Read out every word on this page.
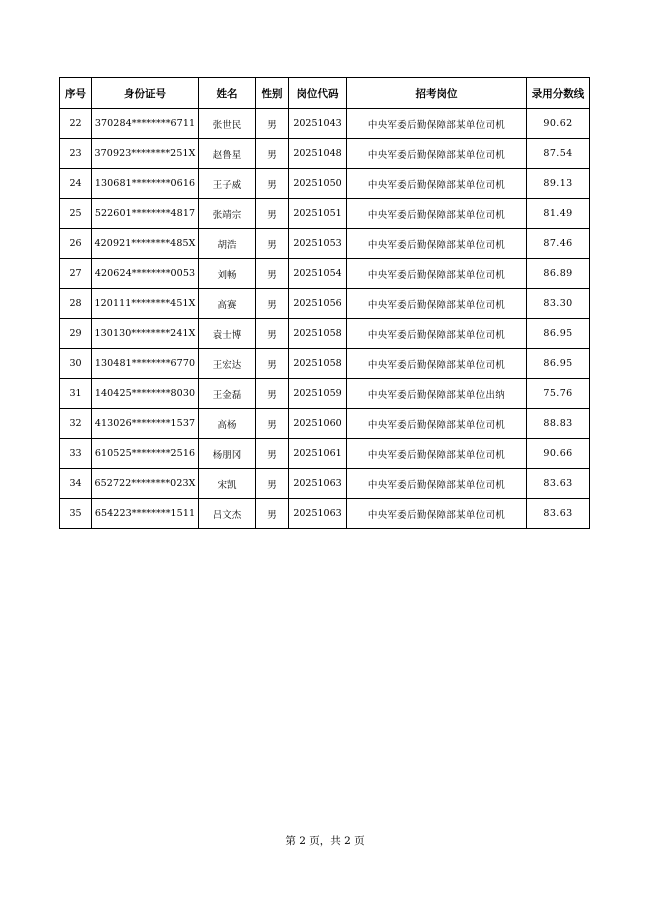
序号	身份证号	姓名	性别	岗位代码	招考岗位	录用分数线
22	370284********6711	张世民	男	20251043	中央军委后勤保障部某单位司机	90.62
23	370923********251X	赵鲁星	男	20251048	中央军委后勤保障部某单位司机	87.54
24	130681********0616	王子威	男	20251050	中央军委后勤保障部某单位司机	89.13
25	522601********4817	张靖宗	男	20251051	中央军委后勤保障部某单位司机	81.49
26	420921********485X	胡浩	男	20251053	中央军委后勤保障部某单位司机	87.46
27	420624********0053	刘畅	男	20251054	中央军委后勤保障部某单位司机	86.89
28	120111********451X	高赛	男	20251056	中央军委后勤保障部某单位司机	83.30
29	130130********241X	袁士博	男	20251058	中央军委后勤保障部某单位司机	86.95
30	130481********6770	王宏达	男	20251058	中央军委后勤保障部某单位司机	86.95
31	140425********8030	王金磊	男	20251059	中央军委后勤保障部某单位出纳	75.76
32	413026********1537	高杨	男	20251060	中央军委后勤保障部某单位司机	88.83
33	610525********2516	杨朋冈	男	20251061	中央军委后勤保障部某单位司机	90.66
34	652722********023X	宋凯	男	20251063	中央军委后勤保障部某单位司机	83.63
35	654223********1511	吕文杰	男	20251063	中央军委后勤保障部某单位司机	83.63
第 2 页，共 2 页
